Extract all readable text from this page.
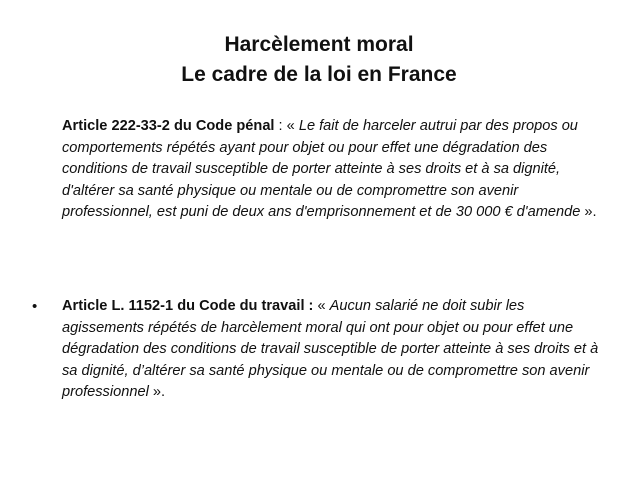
Harcèlement moral
Le cadre de la loi en France
Article 222-33-2 du Code pénal : « Le fait de harceler autrui par des propos ou comportements répétés ayant pour objet ou pour effet une dégradation des conditions de travail susceptible de porter atteinte à ses droits et à sa dignité, d'altérer sa santé physique ou mentale ou de compromettre son avenir professionnel, est puni de deux ans d'emprisonnement et de 30 000 € d'amende ».
• Article L. 1152-1 du Code du travail : « Aucun salarié ne doit subir les agissements répétés de harcèlement moral qui ont pour objet ou pour effet une dégradation des conditions de travail susceptible de porter atteinte à ses droits et à sa dignité, d’altérer sa santé physique ou mentale ou de compromettre son avenir professionnel ».
